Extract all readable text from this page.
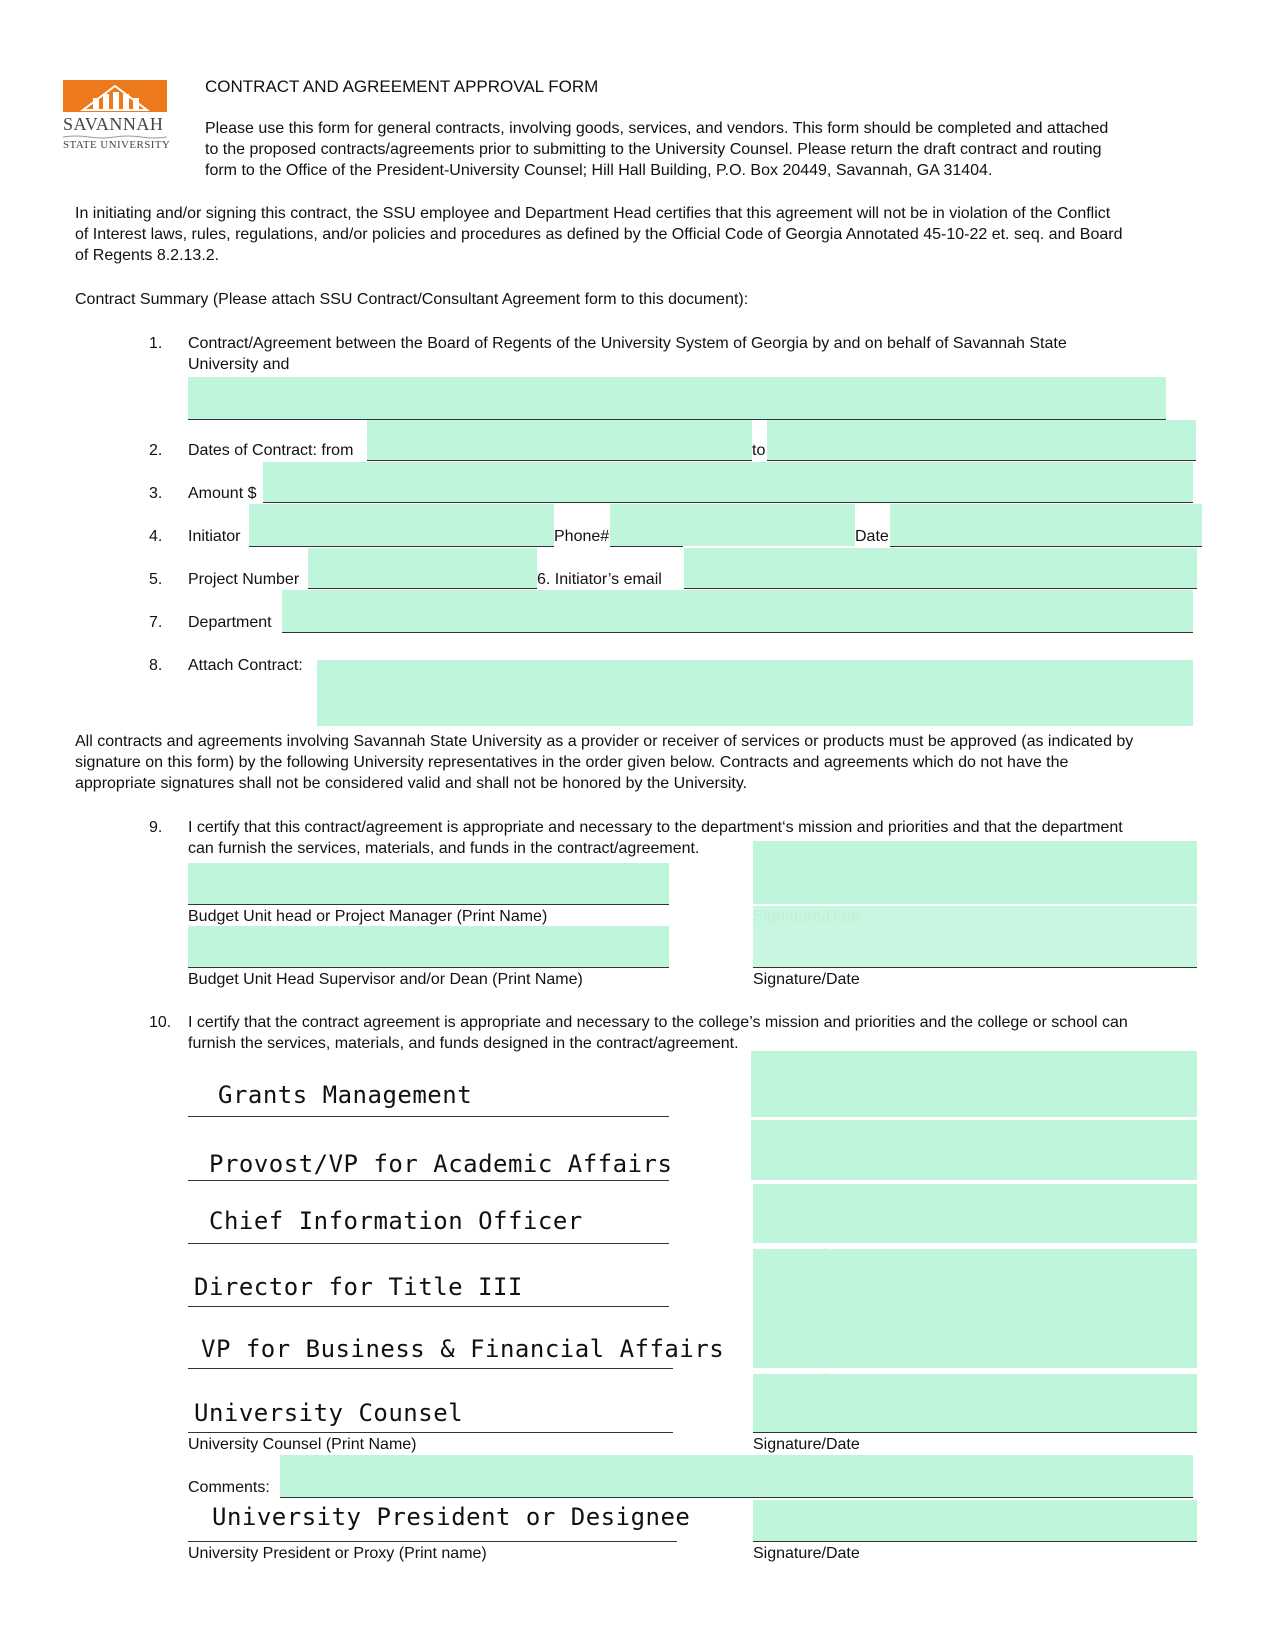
SAVANNAH
STATE UNIVERSITY
CONTRACT AND AGREEMENT APPROVAL FORM
Please use this form for general contracts, involving goods, services, and vendors. This form should be completed and attached
to the proposed contracts/agreements prior to submitting to the University Counsel. Please return the draft contract and routing
form to the Office of the President-University Counsel; Hill Hall Building, P.O. Box 20449, Savannah, GA 31404.
In initiating and/or signing this contract, the SSU employee and Department Head certifies that this agreement will not be in violation of the Conflict
of Interest laws, rules, regulations, and/or policies and procedures as defined by the Official Code of Georgia Annotated 45-10-22 et. seq. and Board
of Regents 8.2.13.2.
Contract Summary (Please attach SSU Contract/Consultant Agreement form to this document):
1. Contract/Agreement between the Board of Regents of the University System of Georgia by and on behalf of Savannah State
University and
2. Dates of Contract: from	to
3. Amount $
4. Initiator	Phone#	Date
5. Project Number	6. Initiator’s email
7. Department
8. Attach Contract:
All contracts and agreements involving Savannah State University as a provider or receiver of services or products must be approved (as indicated by
signature on this form) by the following University representatives in the order given below. Contracts and agreements which do not have the
appropriate signatures shall not be considered valid and shall not be honored by the University.
9. I certify that this contract/agreement is appropriate and necessary to the department‘s mission and priorities and that the department
can furnish the services, materials, and funds in the contract/agreement.
Budget Unit head or Project Manager (Print Name)
Budget Unit Head Supervisor and/or Dean (Print Name)	Signature/Date
10. I certify that the contract agreement is appropriate and necessary to the college’s mission and priorities and the college or school can
furnish the services, materials, and funds designed in the contract/agreement.
Grants Management
Provost/VP for Academic Affairs
Chief Information Officer
Director for Title III
VP for Business & Financial Affairs
University Counsel
University Counsel (Print Name)	Signature/Date
Comments:
University President or Designee
University President or Proxy (Print name)	Signature/Date
